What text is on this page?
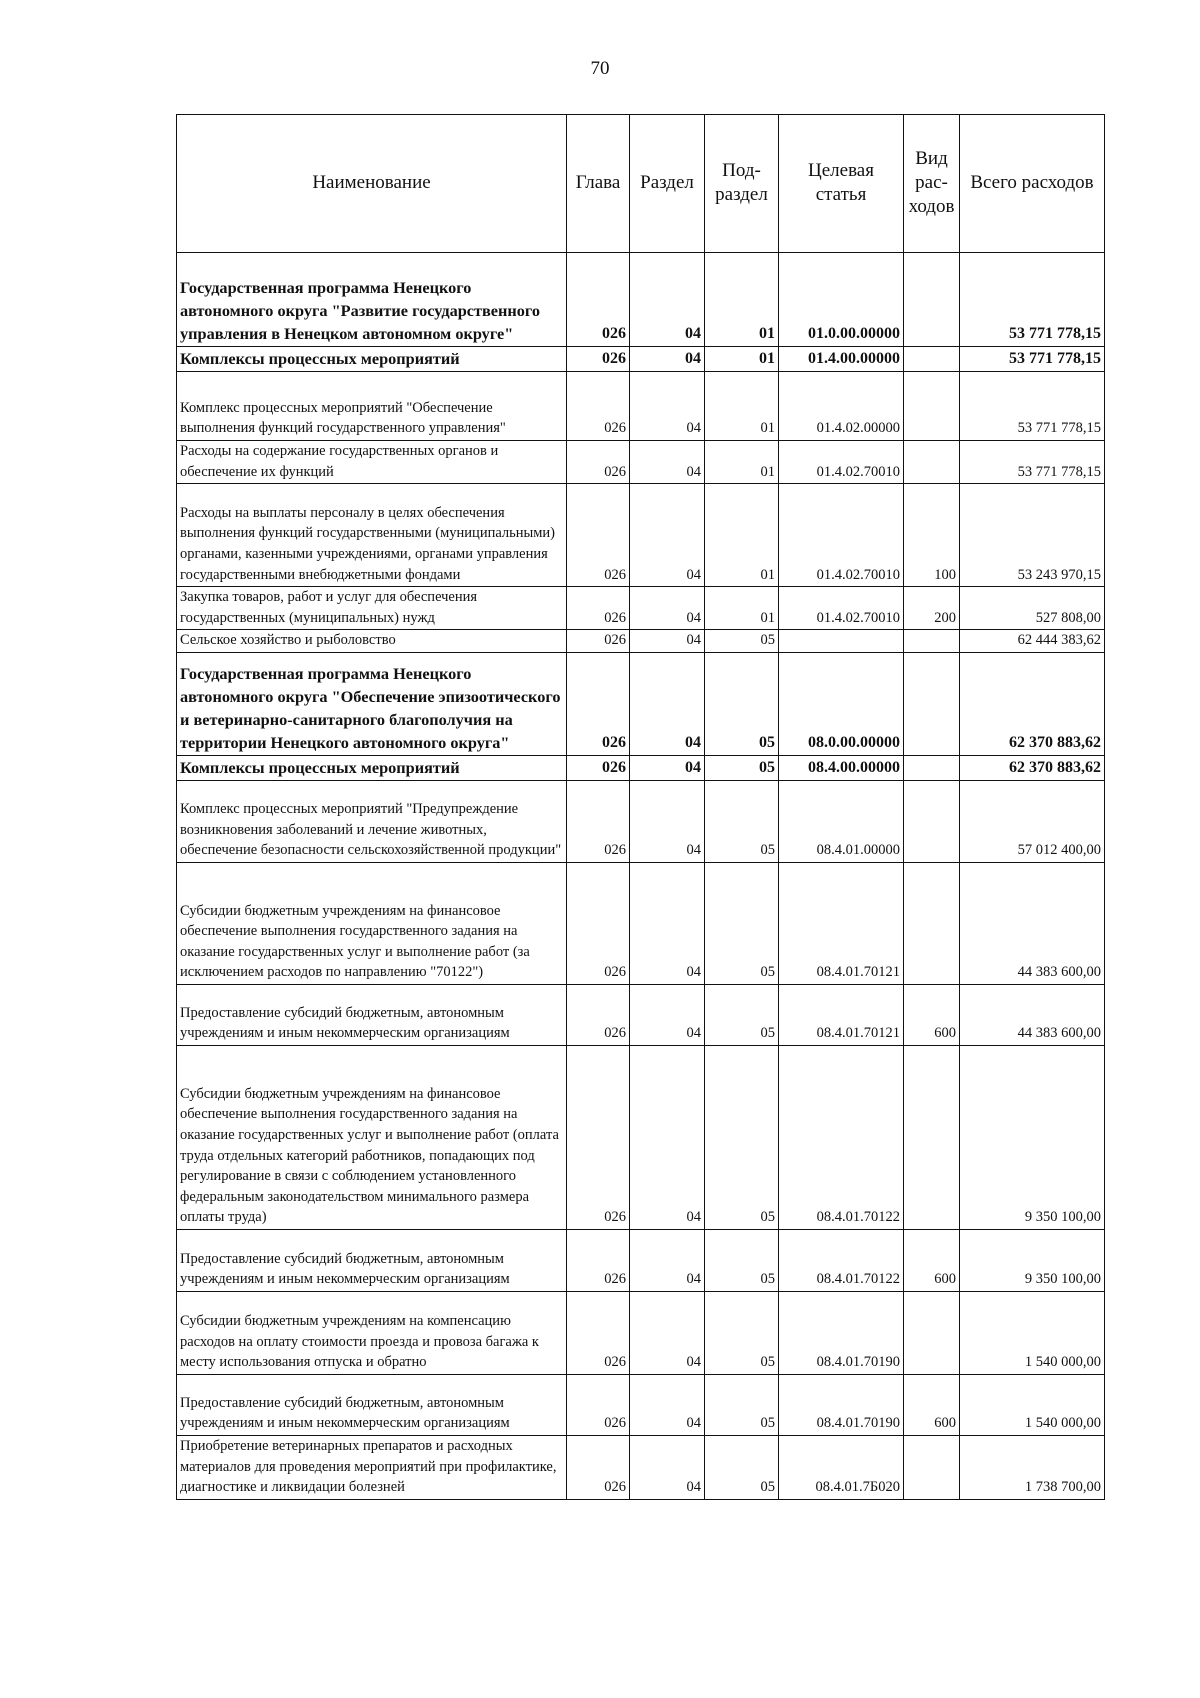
70
Наименование	Глава	Раздел	Под- раздел	Целевая статья	Вид рас- ходов	Всего расходов
Государственная программа Ненецкого автономного округа "Развитие государственного управления в Ненецком автономном округе"	026	04	01	01.0.00.00000		53 771 778,15
Комплексы процессных мероприятий	026	04	01	01.4.00.00000		53 771 778,15
Комплекс процессных мероприятий "Обеспечение выполнения функций государственного управления"	026	04	01	01.4.02.00000		53 771 778,15
Расходы на содержание государственных органов и обеспечение их функций	026	04	01	01.4.02.70010		53 771 778,15
Расходы на выплаты персоналу в целях обеспечения выполнения функций государственными (муниципальными) органами, казенными учреждениями, органами управления государственными внебюджетными фондами	026	04	01	01.4.02.70010	100	53 243 970,15
Закупка товаров, работ и услуг для обеспечения государственных (муниципальных) нужд	026	04	01	01.4.02.70010	200	527 808,00
Сельское хозяйство и рыболовство	026	04	05			62 444 383,62
Государственная программа Ненецкого автономного округа "Обеспечение эпизоотического и ветеринарно-санитарного благополучия на территории Ненецкого автономного округа"	026	04	05	08.0.00.00000		62 370 883,62
Комплексы процессных мероприятий	026	04	05	08.4.00.00000		62 370 883,62
Комплекс процессных мероприятий "Предупреждение возникновения заболеваний и лечение животных, обеспечение безопасности сельскохозяйственной продукции"	026	04	05	08.4.01.00000		57 012 400,00
Субсидии бюджетным учреждениям на финансовое обеспечение выполнения государственного задания на оказание государственных услуг и выполнение работ (за исключением расходов по направлению "70122")	026	04	05	08.4.01.70121		44 383 600,00
Предоставление субсидий бюджетным, автономным учреждениям и иным некоммерческим организациям	026	04	05	08.4.01.70121	600	44 383 600,00
Субсидии бюджетным учреждениям на финансовое обеспечение выполнения государственного задания на оказание государственных услуг и выполнение работ (оплата труда отдельных категорий работников, попадающих под регулирование в связи с соблюдением установленного федеральным законодательством минимального размера оплаты труда)	026	04	05	08.4.01.70122		9 350 100,00
Предоставление субсидий бюджетным, автономным учреждениям и иным некоммерческим организациям	026	04	05	08.4.01.70122	600	9 350 100,00
Субсидии бюджетным учреждениям на компенсацию расходов на оплату стоимости проезда и провоза багажа к месту использования отпуска и обратно	026	04	05	08.4.01.70190		1 540 000,00
Предоставление субсидий бюджетным, автономным учреждениям и иным некоммерческим организациям	026	04	05	08.4.01.70190	600	1 540 000,00
Приобретение ветеринарных препаратов и расходных материалов для проведения мероприятий при профилактике, диагностике и ликвидации болезней	026	04	05	08.4.01.7Б020		1 738 700,00
